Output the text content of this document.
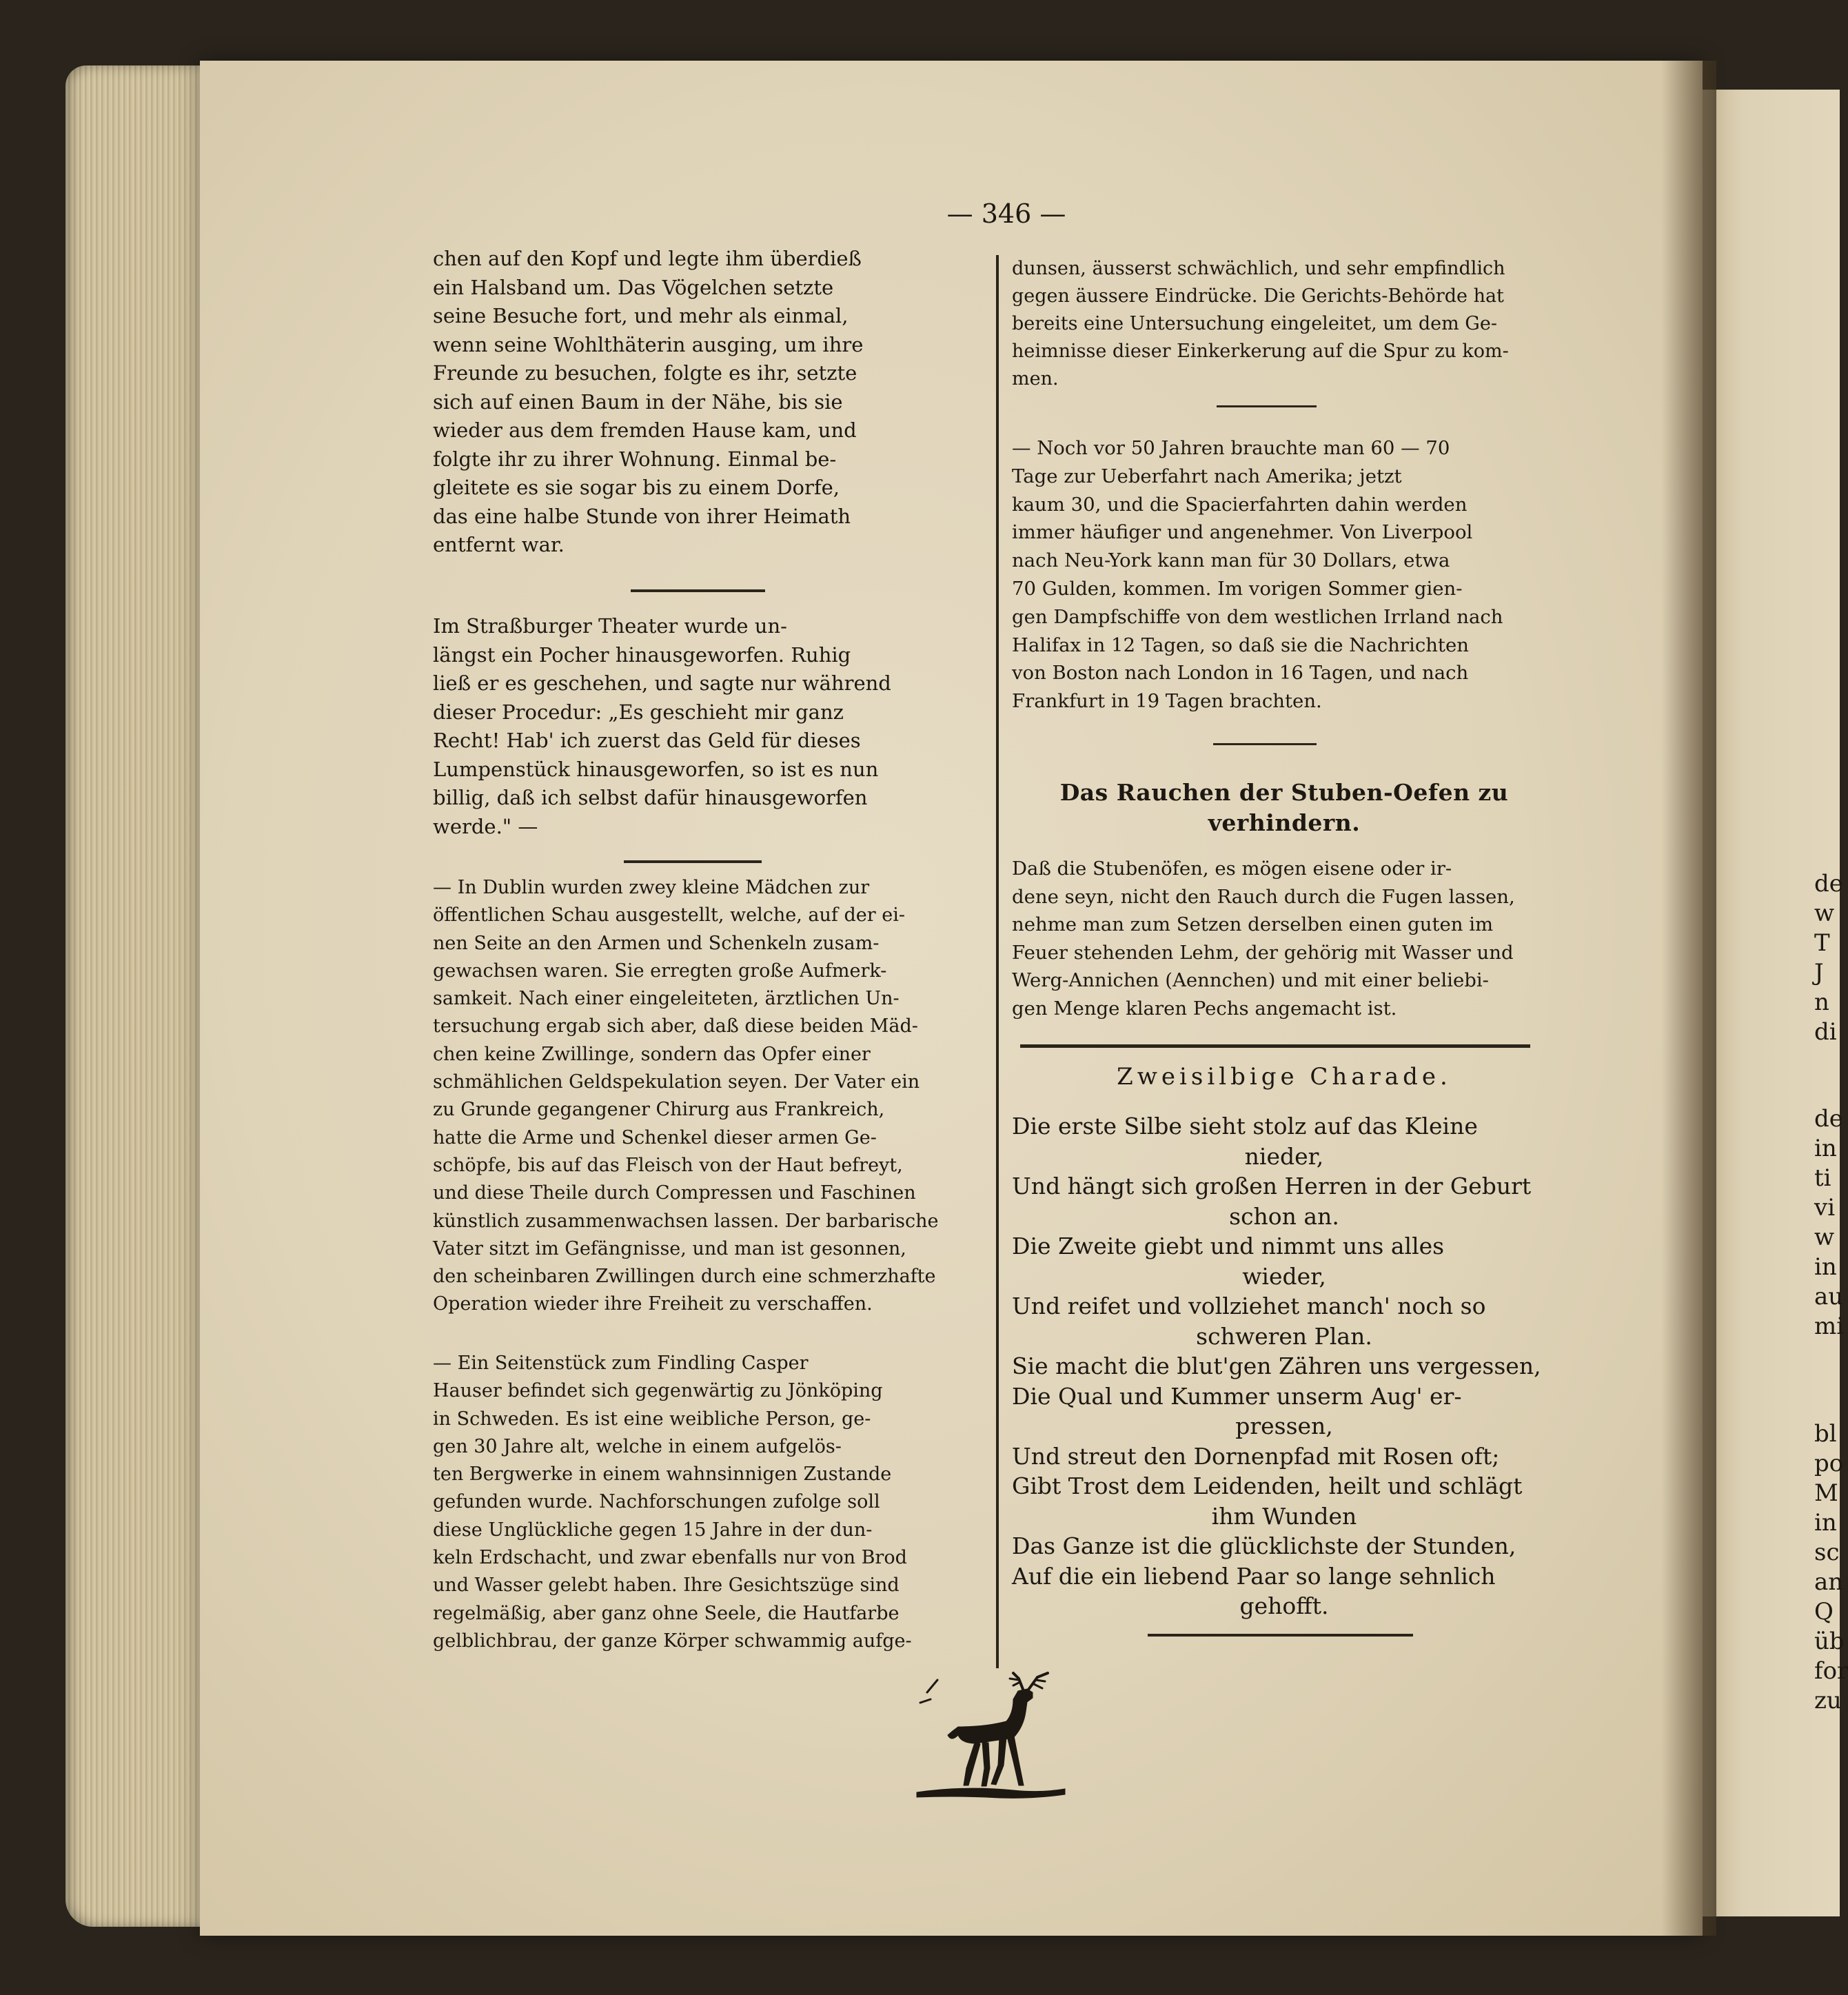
— 346 —

chen auf den Kopf und legte ihm überdieß
ein Halsband um. Das Vögelchen setzte
seine Besuche fort, und mehr als einmal,
wenn seine Wohlthäterin ausging, um ihre
Freunde zu besuchen, folgte es ihr, setzte
sich auf einen Baum in der Nähe, bis sie
wieder aus dem fremden Hause kam, und
folgte ihr zu ihrer Wohnung. Einmal be-
gleitete es sie sogar bis zu einem Dorfe,
das eine halbe Stunde von ihrer Heimath
entfernt war.

Im Straßburger Theater wurde un-
längst ein Pocher hinausgeworfen. Ruhig
ließ er es geschehen, und sagte nur während
dieser Procedur: „Es geschieht mir ganz
Recht! Hab' ich zuerst das Geld für dieses
Lumpenstück hinausgeworfen, so ist es nun
billig, daß ich selbst dafür hinausgeworfen
werde." —

— In Dublin wurden zwey kleine Mädchen zur
öffentlichen Schau ausgestellt, welche, auf der ei-
nen Seite an den Armen und Schenkeln zusam-
gewachsen waren. Sie erregten große Aufmerk-
samkeit. Nach einer eingeleiteten, ärztlichen Un-
tersuchung ergab sich aber, daß diese beiden Mäd-
chen keine Zwillinge, sondern das Opfer einer
schmählichen Geldspekulation seyen. Der Vater ein
zu Grunde gegangener Chirurg aus Frankreich,
hatte die Arme und Schenkel dieser armen Ge-
schöpfe, bis auf das Fleisch von der Haut befreyt,
und diese Theile durch Compressen und Faschinen
künstlich zusammenwachsen lassen. Der barbarische
Vater sitzt im Gefängnisse, und man ist gesonnen,
den scheinbaren Zwillingen durch eine schmerzhafte
Operation wieder ihre Freiheit zu verschaffen.

— Ein Seitenstück zum Findling Casper
Hauser befindet sich gegenwärtig zu Jönköping
in Schweden. Es ist eine weibliche Person, ge-
gen 30 Jahre alt, welche in einem aufgelös-
ten Bergwerke in einem wahnsinnigen Zustande
gefunden wurde. Nachforschungen zufolge soll
diese Unglückliche gegen 15 Jahre in der dun-
keln Erdschacht, und zwar ebenfalls nur von Brod
und Wasser gelebt haben. Ihre Gesichtszüge sind
regelmäßig, aber ganz ohne Seele, die Hautfarbe
gelblichbrau, der ganze Körper schwammig aufge-

dunsen, äusserst schwächlich, und sehr empfindlich
gegen äussere Eindrücke. Die Gerichts-Behörde hat
bereits eine Untersuchung eingeleitet, um dem Ge-
heimnisse dieser Einkerkerung auf die Spur zu kom-
men.

— Noch vor 50 Jahren brauchte man 60 — 70
Tage zur Ueberfahrt nach Amerika; jetzt
kaum 30, und die Spacierfahrten dahin werden
immer häufiger und angenehmer. Von Liverpool
nach Neu-York kann man für 30 Dollars, etwa
70 Gulden, kommen. Im vorigen Sommer gien-
gen Dampfschiffe von dem westlichen Irrland nach
Halifax in 12 Tagen, so daß sie die Nachrichten
von Boston nach London in 16 Tagen, und nach
Frankfurt in 19 Tagen brachten.

Das Rauchen der Stuben-Oefen zu
verhindern.

Daß die Stubenöfen, es mögen eisene oder ir-
dene seyn, nicht den Rauch durch die Fugen lassen,
nehme man zum Setzen derselben einen guten im
Feuer stehenden Lehm, der gehörig mit Wasser und
Werg-Annichen (Aennchen) und mit einer beliebi-
gen Menge klaren Pechs angemacht ist.

Zweisilbige Charade.
Die erste Silbe sieht stolz auf das Kleine
nieder,
Und hängt sich großen Herren in der Geburt
schon an.
Die Zweite giebt und nimmt uns alles
wieder,
Und reifet und vollziehet manch' noch so
schweren Plan.
Sie macht die blut'gen Zähren uns vergessen,
Die Qual und Kummer unserm Aug' er-
pressen,
Und streut den Dornenpfad mit Rosen oft;
Gibt Trost dem Leidenden, heilt und schlägt
ihm Wunden
Das Ganze ist die glücklichste der Stunden,
Auf die ein liebend Paar so lange sehnlich
gehofft.
de
w
T
J
n
di
de
in
ti
vi
w
in
au
mi
bl
po
M
in
sc
an
Q
üb
for
zu
